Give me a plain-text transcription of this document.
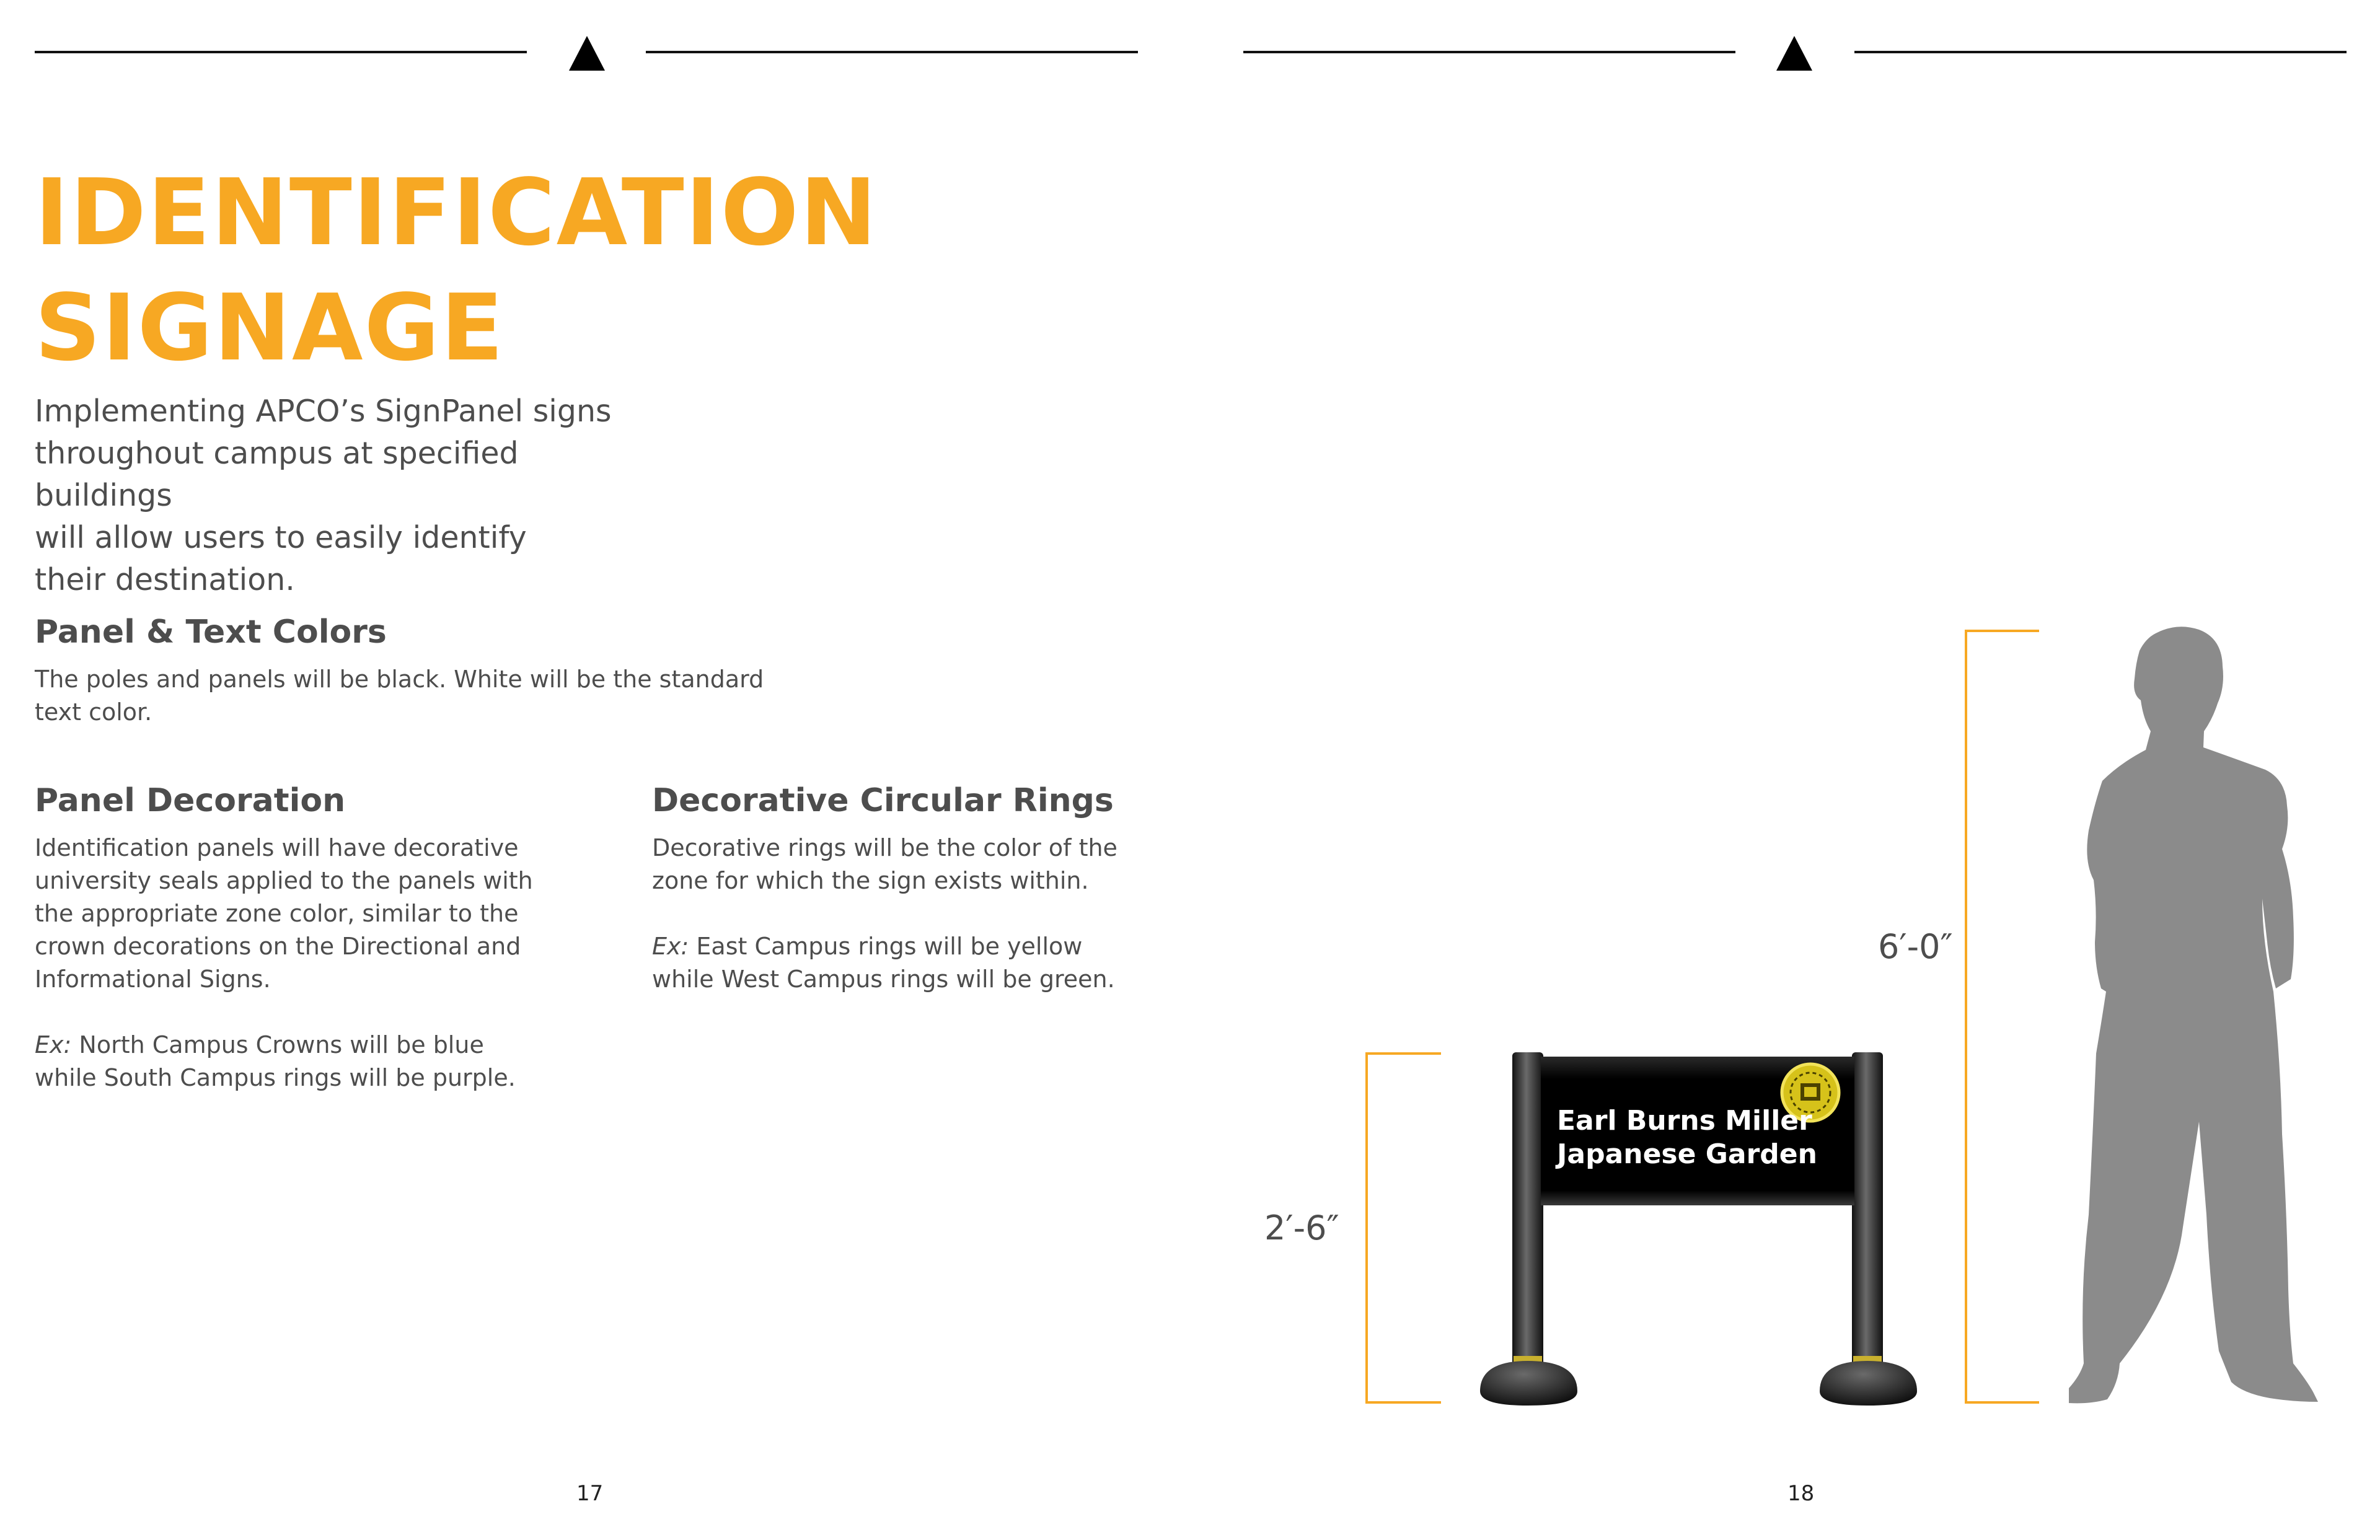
IDENTIFICATION
SIGNAGE
Implementing APCO’s SignPanel signs
throughout campus at specified buildings
will allow users to easily identify
their destination.
Panel & Text Colors

The poles and panels will be black. White will be the standard

text color.

Panel Decoration

Identification panels will have decorative

university seals applied to the panels with

the appropriate zone color, similar to the

crown decorations on the Directional and

Informational Signs.

Ex: North Campus Crowns will be blue

while South Campus rings will be purple.

Decorative Circular Rings

Decorative rings will be the color of the

zone for which the sign exists within.

Ex: East Campus rings will be yellow

while West Campus rings will be green.

17
Earl Burns Miller
Japanese Garden
2′-6″
6′-0″
18
